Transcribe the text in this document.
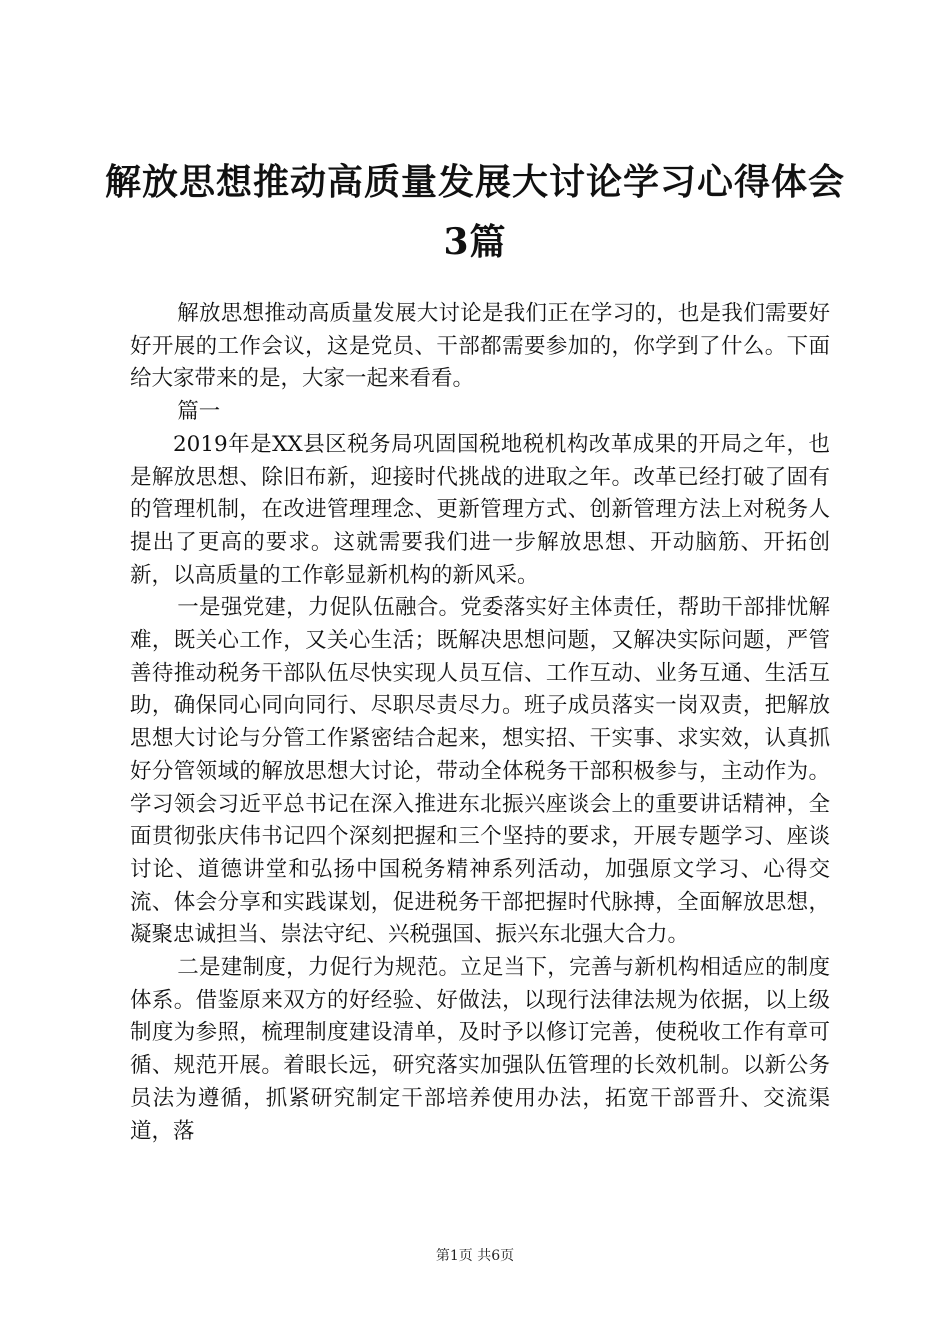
解放思想推动高质量发展大讨论学习心得体会
3篇

解放思想推动高质量发展大讨论是我们正在学习的，也是我们需要好好开展的工作会议，这是党员、干部都需要参加的，你学到了什么。下面给大家带来的是，大家一起来看看。

篇一

2019年是XX县区税务局巩固国税地税机构改革成果的开局之年，也是解放思想、除旧布新，迎接时代挑战的进取之年。改革已经打破了固有的管理机制，在改进管理理念、更新管理方式、创新管理方法上对税务人提出了更高的要求。这就需要我们进一步解放思想、开动脑筋、开拓创新，以高质量的工作彰显新机构的新风采。

一是强党建，力促队伍融合。党委落实好主体责任，帮助干部排忧解难，既关心工作，又关心生活；既解决思想问题，又解决实际问题，严管善待推动税务干部队伍尽快实现人员互信、工作互动、业务互通、生活互助，确保同心同向同行、尽职尽责尽力。班子成员落实一岗双责，把解放思想大讨论与分管工作紧密结合起来，想实招、干实事、求实效，认真抓好分管领域的解放思想大讨论，带动全体税务干部积极参与，主动作为。学习领会习近平总书记在深入推进东北振兴座谈会上的重要讲话精神，全面贯彻张庆伟书记四个深刻把握和三个坚持的要求，开展专题学习、座谈讨论、道德讲堂和弘扬中国税务精神系列活动，加强原文学习、心得交流、体会分享和实践谋划，促进税务干部把握时代脉搏，全面解放思想，凝聚忠诚担当、崇法守纪、兴税强国、振兴东北强大合力。

二是建制度，力促行为规范。立足当下，完善与新机构相适应的制度体系。借鉴原来双方的好经验、好做法，以现行法律法规为依据，以上级制度为参照，梳理制度建设清单，及时予以修订完善，使税收工作有章可循、规范开展。着眼长远，研究落实加强队伍管理的长效机制。以新公务员法为遵循，抓紧研究制定干部培养使用办法，拓宽干部晋升、交流渠道，落

第1页 共6页
